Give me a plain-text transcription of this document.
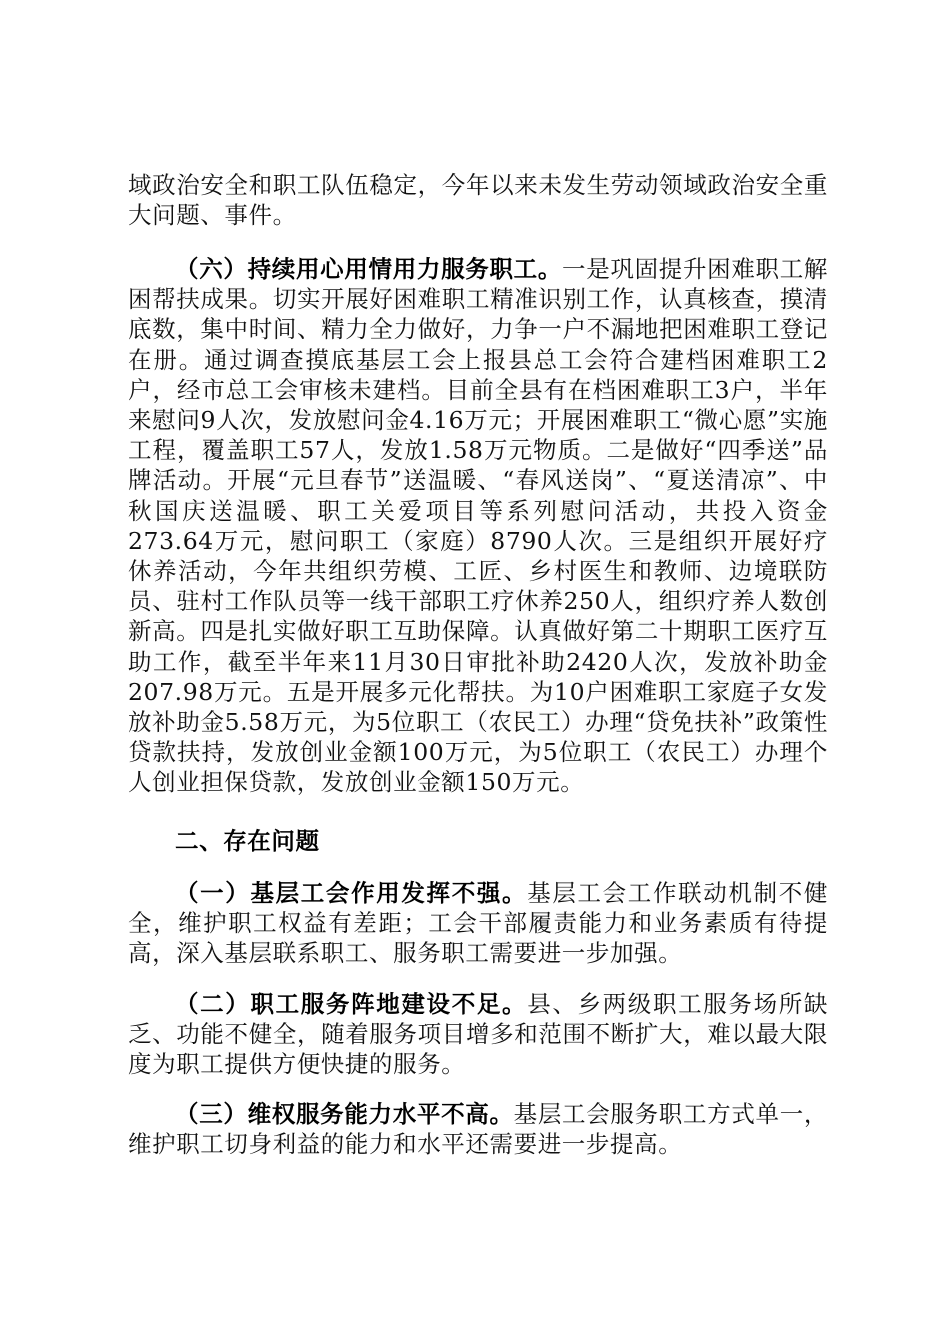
域政治安全和职工队伍稳定，今年以来未发生劳动领域政治安全重大问题、事件。

（六）持续用心用情用力服务职工。一是巩固提升困难职工解困帮扶成果。切实开展好困难职工精准识别工作，认真核查，摸清底数，集中时间、精力全力做好，力争一户不漏地把困难职工登记在册。通过调查摸底基层工会上报县总工会符合建档困难职工2户，经市总工会审核未建档。目前全县有在档困难职工3户，半年来慰问9人次，发放慰问金4.16万元；开展困难职工“微心愿”实施工程，覆盖职工57人，发放1.58万元物质。二是做好“四季送”品牌活动。开展“元旦春节”送温暖、“春风送岗”、“夏送清凉”、中秋国庆送温暖、职工关爱项目等系列慰问活动，共投入资金273.64万元，慰问职工（家庭）8790人次。三是组织开展好疗休养活动，今年共组织劳模、工匠、乡村医生和教师、边境联防员、驻村工作队员等一线干部职工疗休养250人，组织疗养人数创新高。四是扎实做好职工互助保障。认真做好第二十期职工医疗互助工作，截至半年来11月30日审批补助2420人次，发放补助金207.98万元。五是开展多元化帮扶。为10户困难职工家庭子女发放补助金5.58万元，为5位职工（农民工）办理“贷免扶补”政策性贷款扶持，发放创业金额100万元，为5位职工（农民工）办理个人创业担保贷款，发放创业金额150万元。

二、存在问题

（一）基层工会作用发挥不强。基层工会工作联动机制不健全，维护职工权益有差距；工会干部履责能力和业务素质有待提高，深入基层联系职工、服务职工需要进一步加强。

（二）职工服务阵地建设不足。县、乡两级职工服务场所缺乏、功能不健全，随着服务项目增多和范围不断扩大，难以最大限度为职工提供方便快捷的服务。

（三）维权服务能力水平不高。基层工会服务职工方式单一，维护职工切身利益的能力和水平还需要进一步提高。
